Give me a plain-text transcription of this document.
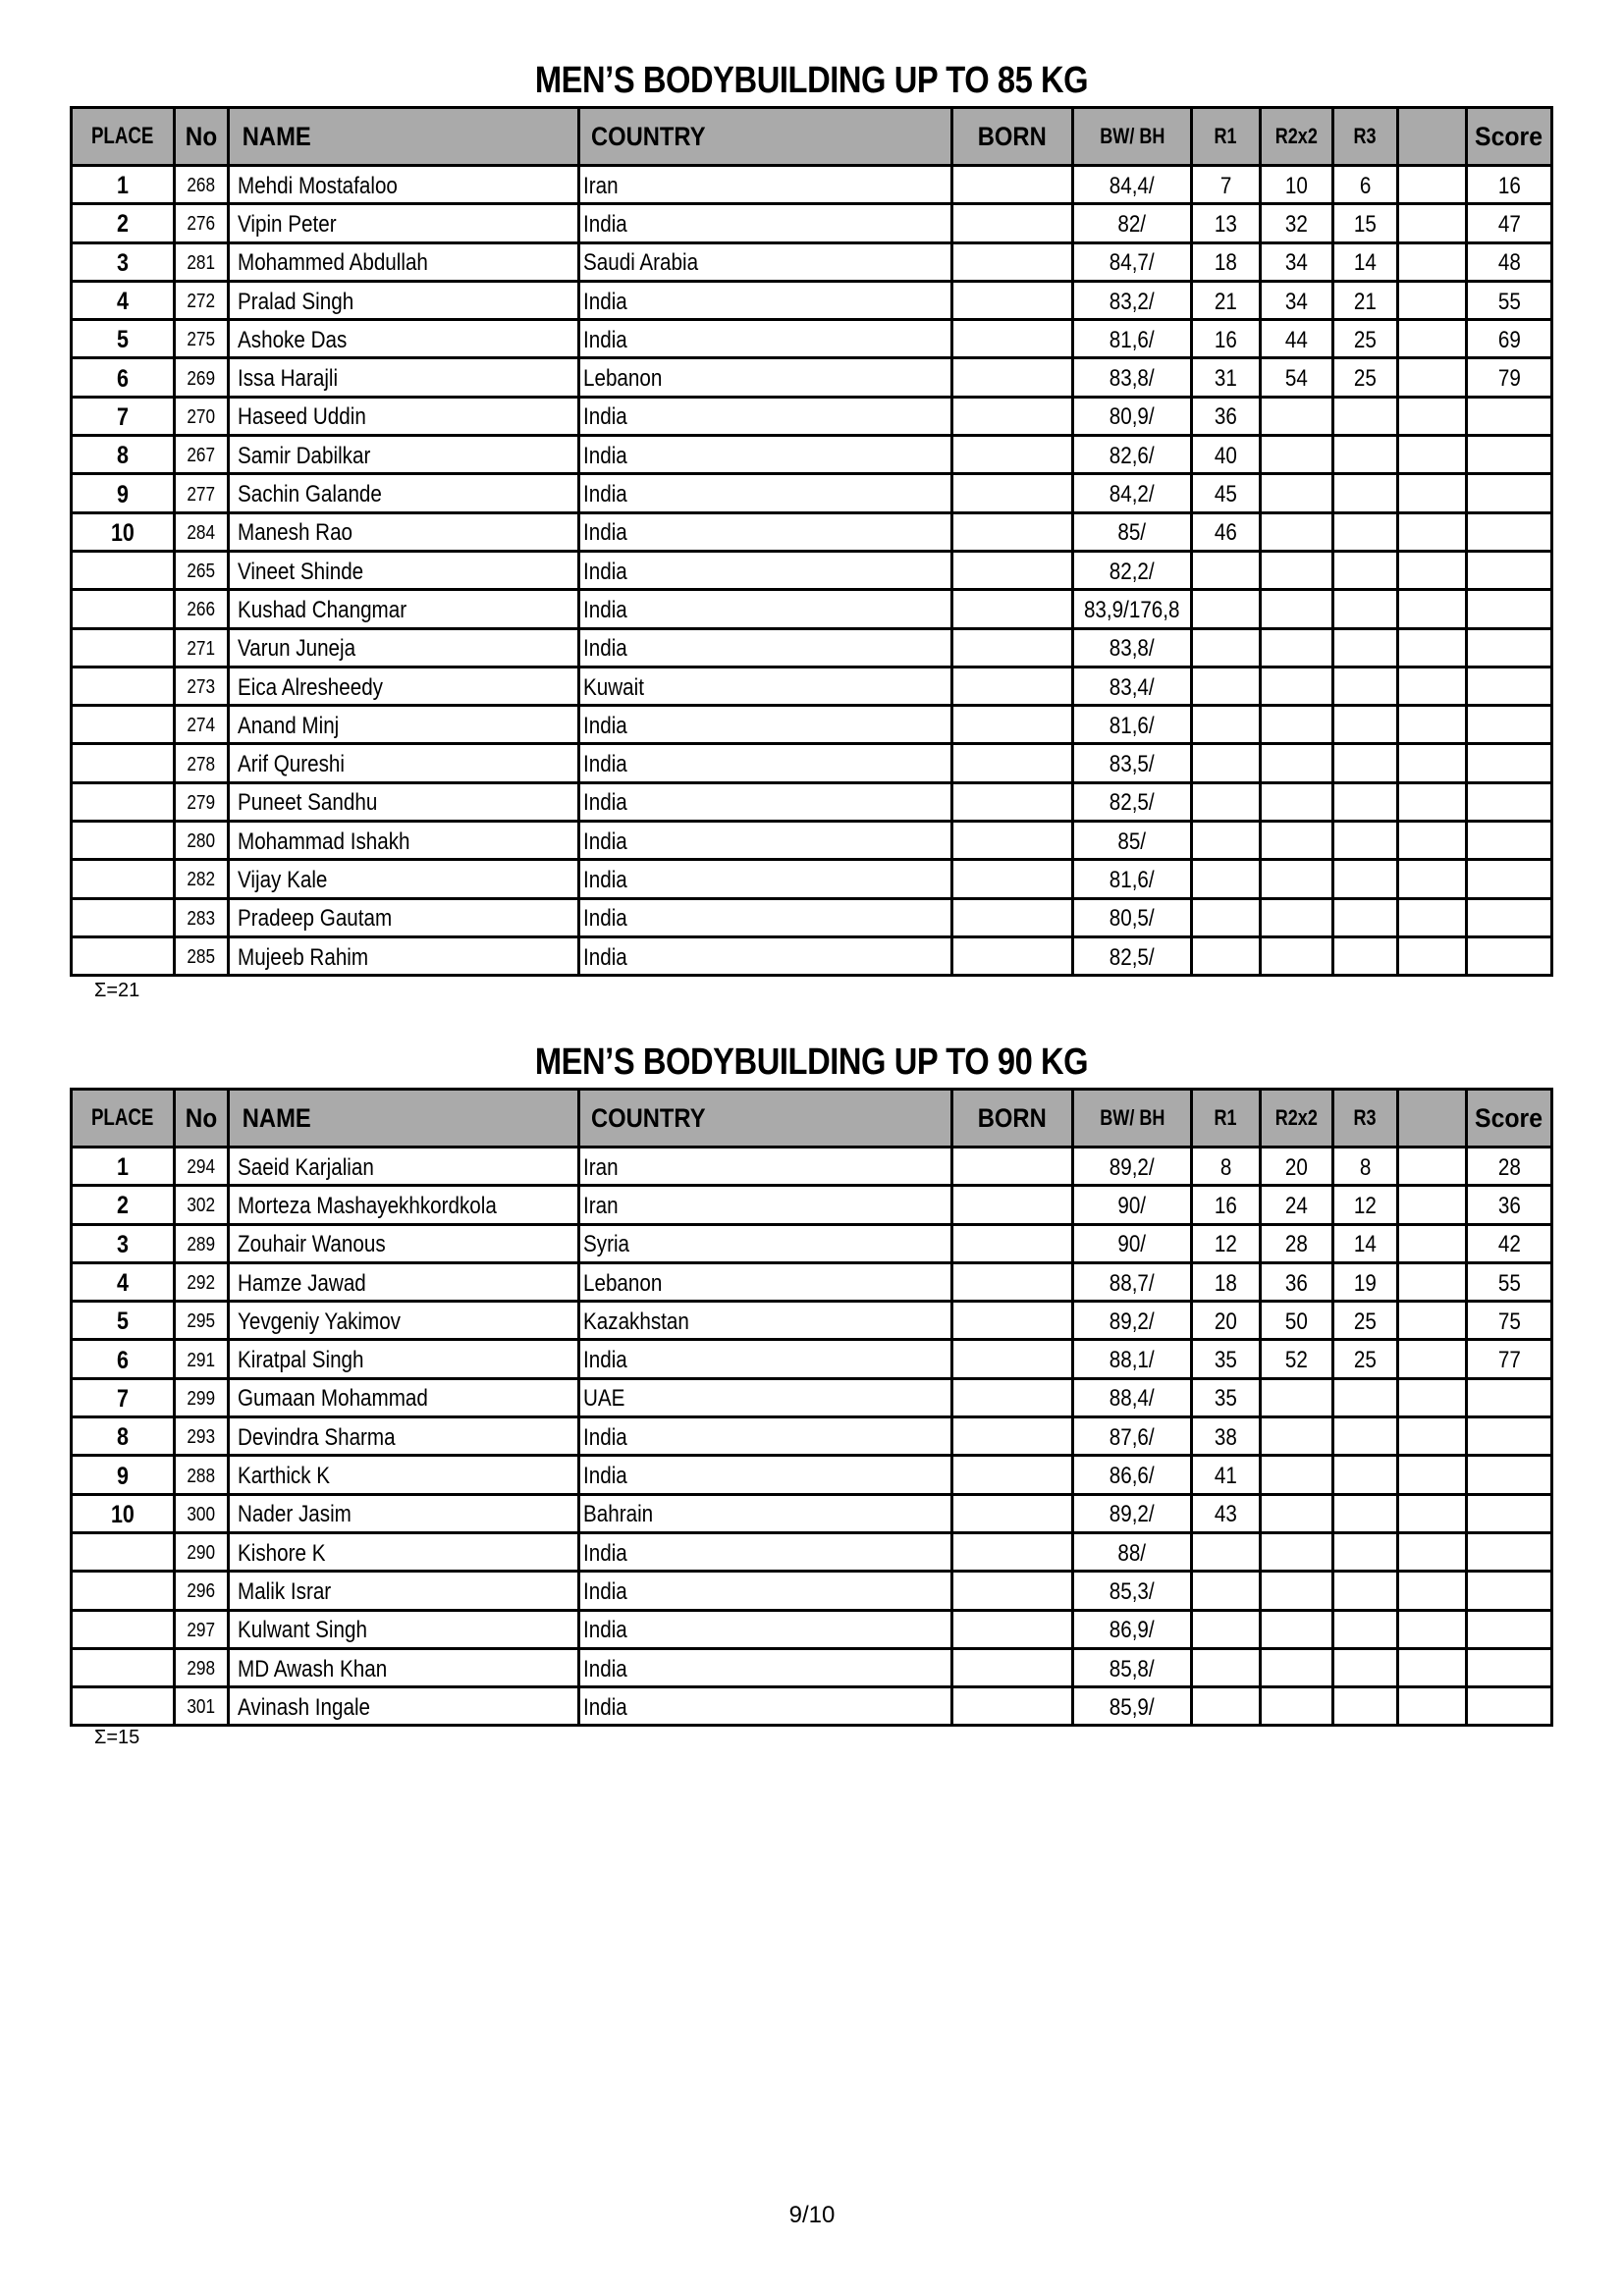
MEN’S BODYBUILDING UP TO 85 KG
PLACE No NAME	COUNTRY	BORN BW/ BH R1 R2x2 R3	Score
1	268 Mehdi Mostafaloo	Iran	84,4/	7 10 6	16
2	276 Vipin Peter	India	82/	13 32 15	47
3	281 Mohammed Abdullah	Saudi Arabia	84,7/	18 34 14	48
4	272 Pralad Singh	India	83,2/	21 34 21	55
5	275 Ashoke Das	India	81,6/	16 44 25	69
6	269 Issa Harajli	Lebanon	83,8/	31 54 25	79
7	270 Haseed Uddin	India	80,9/	36
8	267 Samir Dabilkar	India	82,6/	40
9	277 Sachin Galande	India	84,2/	45
10	284 Manesh Rao	India	85/	46
265 Vineet Shinde	India	82,2/
266 Kushad Changmar	India	83,9/176,8
271 Varun Juneja	India	83,8/
273 Eica Alresheedy	Kuwait	83,4/
274 Anand Minj	India	81,6/
278 Arif Qureshi	India	83,5/
279 Puneet Sandhu	India	82,5/
280 Mohammad Ishakh	India	85/
282 Vijay Kale	India	81,6/
283 Pradeep Gautam	India	80,5/
285 Mujeeb Rahim	India	82,5/
Σ=21
MEN’S BODYBUILDING UP TO 90 KG
PLACE No NAME	COUNTRY	BORN BW/ BH R1 R2x2 R3	Score
1	294 Saeid Karjalian	Iran	89,2/	8 20 8	28
2	302 Morteza Mashayekhkordkola	Iran	90/	16 24 12	36
3	289 Zouhair Wanous	Syria	90/	12 28 14	42
4	292 Hamze Jawad	Lebanon	88,7/	18 36 19	55
5	295 Yevgeniy Yakimov	Kazakhstan	89,2/	20 50 25	75
6	291 Kiratpal Singh	India	88,1/	35 52 25	77
7	299 Gumaan Mohammad	UAE	88,4/	35
8	293 Devindra Sharma	India	87,6/	38
9	288 Karthick K	India	86,6/	41
10	300 Nader Jasim	Bahrain	89,2/	43
290 Kishore K	India	88/
296 Malik Israr	India	85,3/
297 Kulwant Singh	India	86,9/
298 MD Awash Khan	India	85,8/
301 Avinash Ingale	India	85,9/
Σ=15
9/10
